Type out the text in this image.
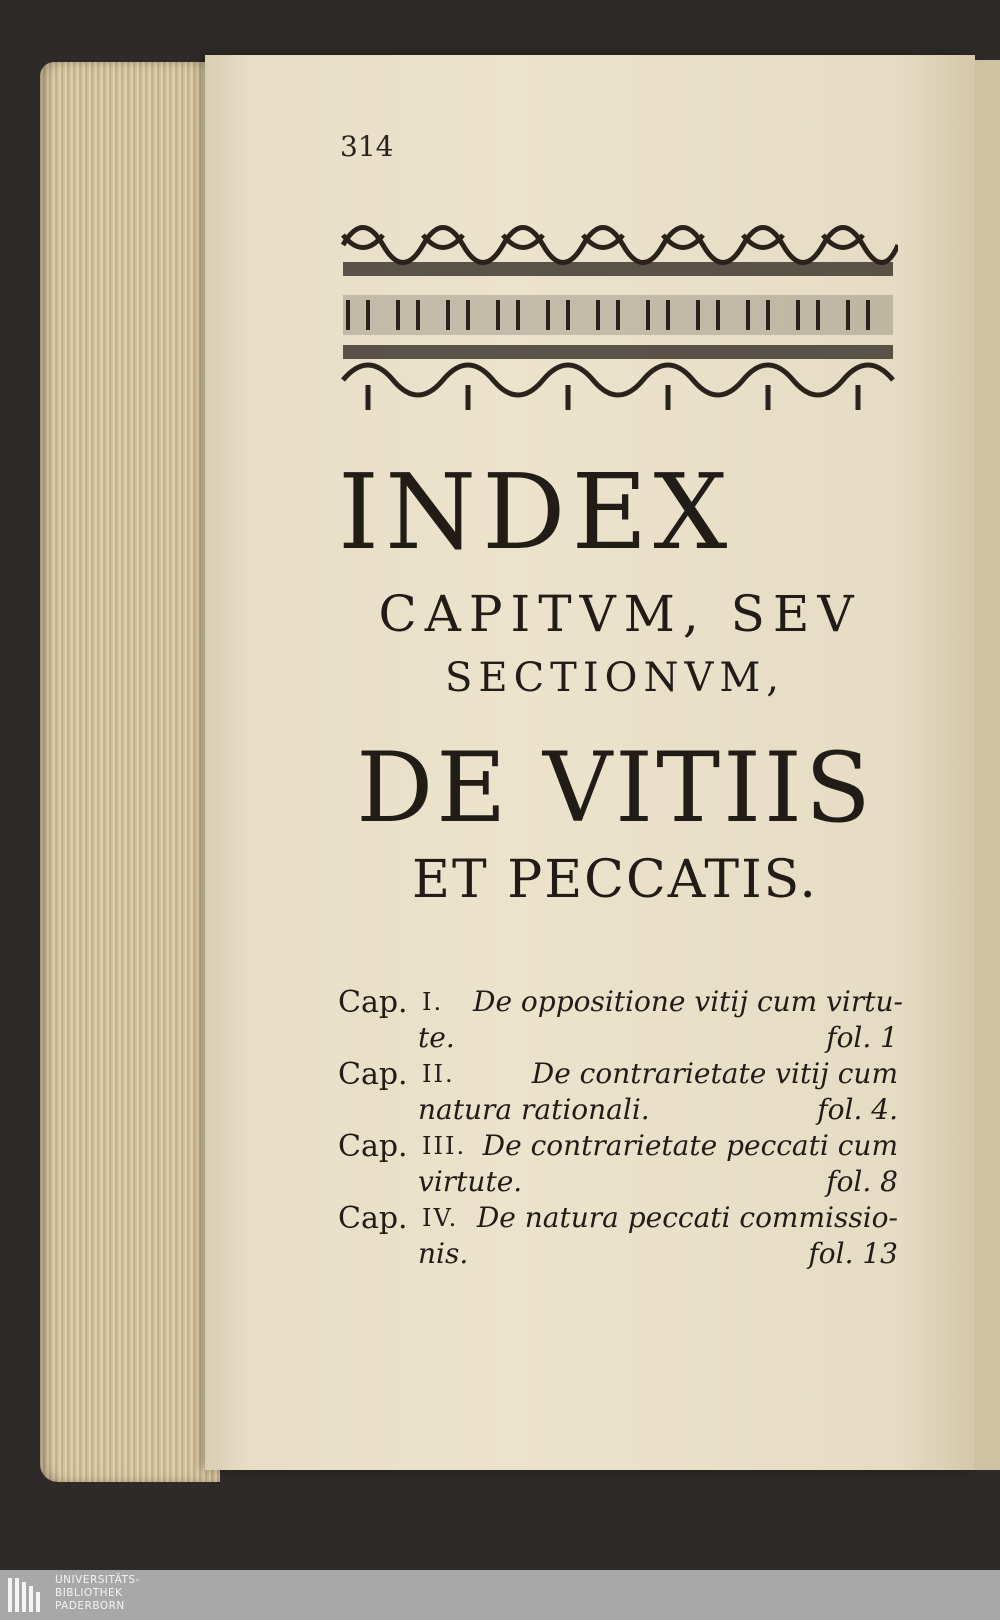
314
INDEX
CAPITVM, SEV
SECTIONVM,
DE VITIIS
ET PECCATIS.
Cap. I. De oppositione vitij cum virtu-
te.	fol. 1
Cap. II.	De contrarietate vitij cum
natura rationali.	fol. 4.
Cap. III. De contrarietate peccati cum
virtute.	fol. 8
Cap. IV. De natura peccati commissio-
nis.	fol. 13
UNIVERSITÄTS-
BIBLIOTHEK
PADERBORN
